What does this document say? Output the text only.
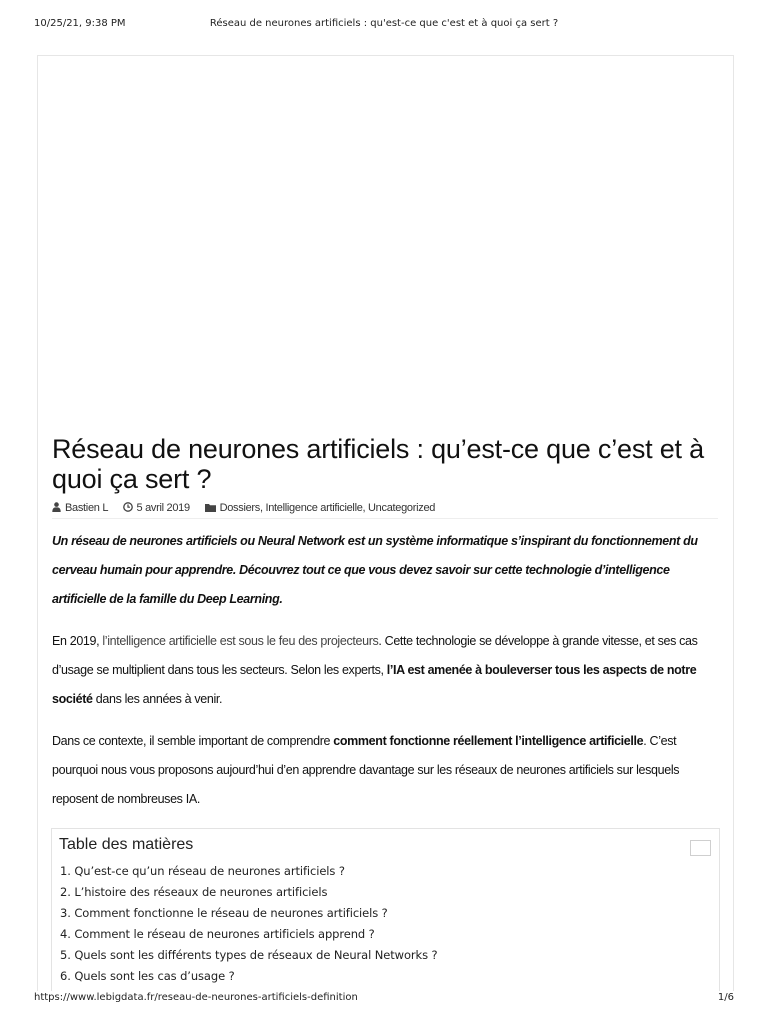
10/25/21, 9:38 PM	Réseau de neurones artificiels : qu'est-ce que c'est et à quoi ça sert ?
Réseau de neurones artificiels : qu’est-ce que c’est et à quoi ça sert ?
Bastien L	5 avril 2019	Dossiers, Intelligence artificielle, Uncategorized

Un réseau de neurones artificiels ou Neural Network est un système informatique s’inspirant du fonctionnement du cerveau humain pour apprendre. Découvrez tout ce que vous devez savoir sur cette technologie d’intelligence artificielle de la famille du Deep Learning.

En 2019, l’intelligence artificielle est sous le feu des projecteurs. Cette technologie se développe à grande vitesse, et ses cas d’usage se multiplient dans tous les secteurs. Selon les experts, l’IA est amenée à bouleverser tous les aspects de notre société dans les années à venir.

Dans ce contexte, il semble important de comprendre comment fonctionne réellement l’intelligence artificielle. C’est pourquoi nous vous proposons aujourd’hui d’en apprendre davantage sur les réseaux de neurones artificiels sur lesquels reposent de nombreuses IA.

Table des matières

1. Qu’est-ce qu’un réseau de neurones artificiels ?
2. L’histoire des réseaux de neurones artificiels
3. Comment fonctionne le réseau de neurones artificiels ?
4. Comment le réseau de neurones artificiels apprend ?
5. Quels sont les différents types de réseaux de Neural Networks ?
6. Quels sont les cas d’usage ?
https://www.lebigdata.fr/reseau-de-neurones-artificiels-definition	1/6
